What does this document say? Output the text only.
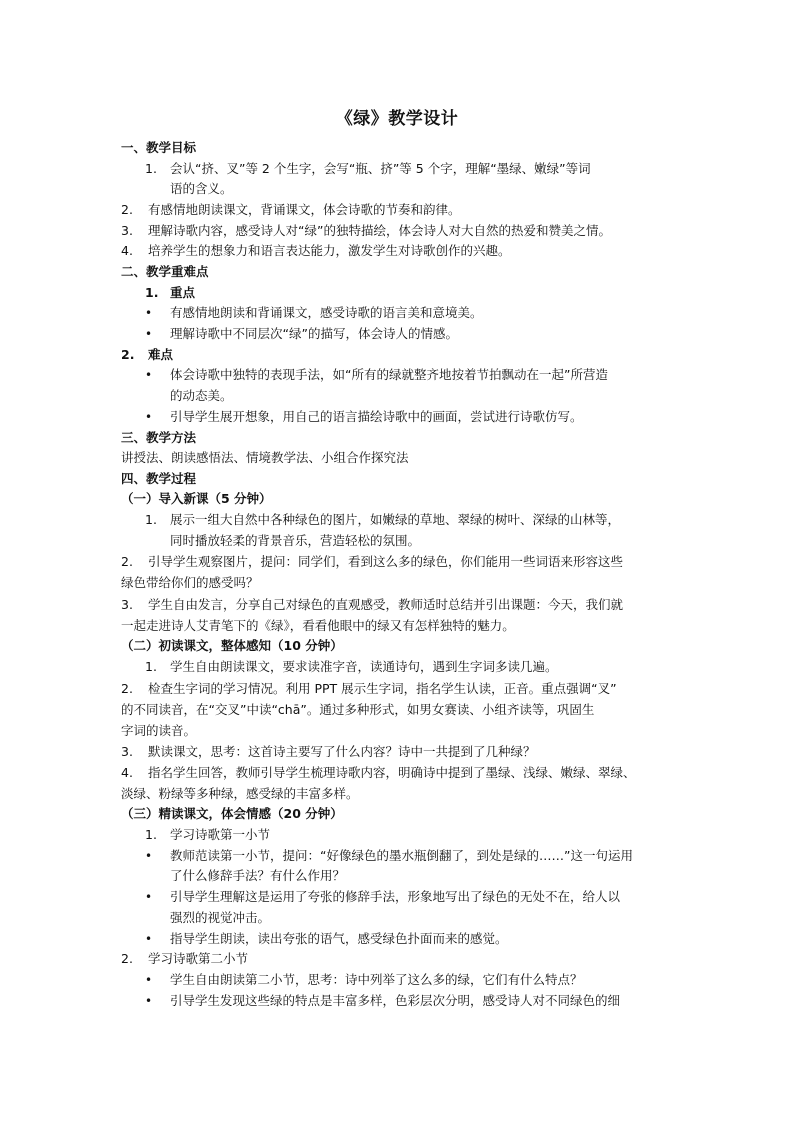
《绿》教学设计
一、教学目标
1. 会认“挤、叉”等 2 个生字，会写“瓶、挤”等 5 个字，理解“墨绿、嫩绿”等词
语的含义。
2. 有感情地朗读课文，背诵课文，体会诗歌的节奏和韵律。
3. 理解诗歌内容，感受诗人对“绿”的独特描绘，体会诗人对大自然的热爱和赞美之情。
4. 培养学生的想象力和语言表达能力，激发学生对诗歌创作的兴趣。
二、教学重难点
1. 重点
• 有感情地朗读和背诵课文，感受诗歌的语言美和意境美。
• 理解诗歌中不同层次“绿”的描写，体会诗人的情感。
2. 难点
• 体会诗歌中独特的表现手法，如“所有的绿就整齐地按着节拍飘动在一起”所营造
的动态美。
• 引导学生展开想象，用自己的语言描绘诗歌中的画面，尝试进行诗歌仿写。
三、教学方法
讲授法、朗读感悟法、情境教学法、小组合作探究法
四、教学过程
（一）导入新课（5 分钟）
1. 展示一组大自然中各种绿色的图片，如嫩绿的草地、翠绿的树叶、深绿的山林等，
同时播放轻柔的背景音乐，营造轻松的氛围。
2. 引导学生观察图片，提问：同学们，看到这么多的绿色，你们能用一些词语来形容这些
绿色带给你们的感受吗？
3. 学生自由发言，分享自己对绿色的直观感受，教师适时总结并引出课题：今天，我们就
一起走进诗人艾青笔下的《绿》，看看他眼中的绿又有怎样独特的魅力。
（二）初读课文，整体感知（10 分钟）
1. 学生自由朗读课文，要求读准字音，读通诗句，遇到生字词多读几遍。
2. 检查生字词的学习情况。利用 PPT 展示生字词，指名学生认读，正音。重点强调“叉”
的不同读音，在“交叉”中读“chā”。通过多种形式，如男女赛读、小组齐读等，巩固生
字词的读音。
3. 默读课文，思考：这首诗主要写了什么内容？诗中一共提到了几种绿？
4. 指名学生回答，教师引导学生梳理诗歌内容，明确诗中提到了墨绿、浅绿、嫩绿、翠绿、
淡绿、粉绿等多种绿，感受绿的丰富多样。
（三）精读课文，体会情感（20 分钟）
1. 学习诗歌第一小节
• 教师范读第一小节，提问：“好像绿色的墨水瓶倒翻了，到处是绿的……”这一句运用
了什么修辞手法？有什么作用？
• 引导学生理解这是运用了夸张的修辞手法，形象地写出了绿色的无处不在，给人以
强烈的视觉冲击。
• 指导学生朗读，读出夸张的语气，感受绿色扑面而来的感觉。
2. 学习诗歌第二小节
• 学生自由朗读第二小节，思考：诗中列举了这么多的绿，它们有什么特点？
• 引导学生发现这些绿的特点是丰富多样，色彩层次分明，感受诗人对不同绿色的细
